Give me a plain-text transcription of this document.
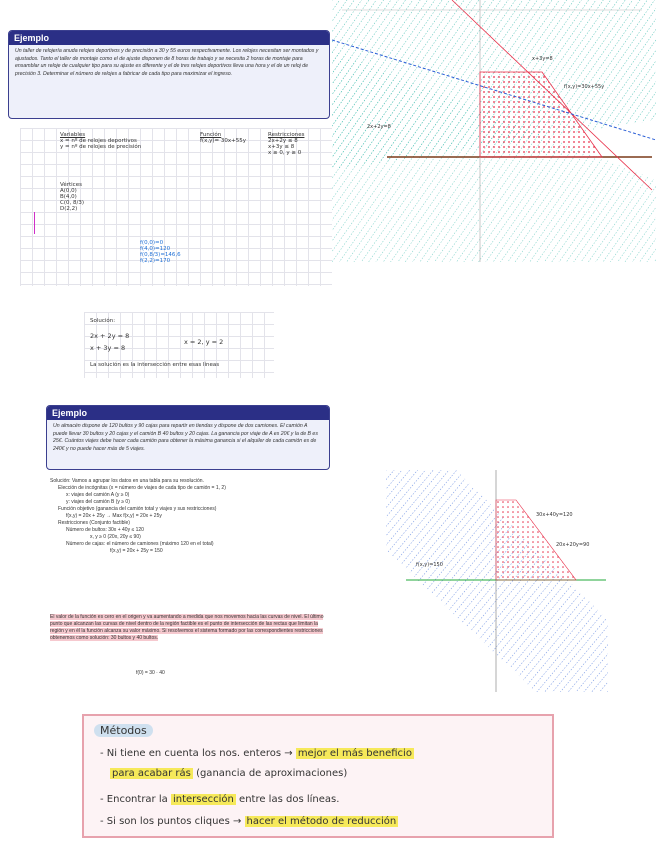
Ejemplo
Un taller de relojería anuda relojes deportivos y de precisión a 30 y 55 euros respectivamente. Los relojes necesitan ser montados y ajustados. Tanto el taller de montaje como el de ajuste disponen de 8 horas de trabajo y se necesita 2 horas de montaje para ensamblar un reloje de cualquier tipo para su ajuste es diferente y el de tres relojes deportivos lleva una hora y el de un reloj de precisión 3. Determinar el número de relojes a fabricar de cada tipo para maximizar el ingreso.
Variables
x = nº de relojes deportivos
y = nº de relojes de precisión
Función
f(x,y)= 30x+55y
Restricciones
2x+2y ≤ 8
x+3y ≤ 8
x ≥ 0, y ≥ 0
Vértices
A(0,0)
B(4,0)
C(0, 8/3)
D(2,2)
f(0,0)=0
f(4,0)=120
f(0,8/3)=146,6
f(2,2)=170
x+3y=8
2x+2y=8
f(x,y)=30x+55y
Solución:
2x + 2y = 8
x + 3y = 8
x = 2, y = 2
La solución es la intersección entre esas líneas
Ejemplo
Un almacén dispone de 120 bultos y 90 cajas para repartir en tiendas y dispone de dos camiones. El camión A puede llevar 30 bultos y 20 cajas y el camión B 40 bultos y 20 cajas. La ganancia por viaje de A es 20€ y la de B es 25€. Cuántos viajes debe hacer cada camión para obtener la máxima ganancia si el alquiler de cada camión es de 240€ y no puede hacer más de 5 viajes.
Solución: Vamos a agrupar los datos en una tabla para su resolución.
Elección de incógnitas (x = número de viajes de cada tipo de camión = 1, 2)
x: viajes del camión A (y ≥ 0)
y: viajes del camión B (y ≥ 0)
Función objetivo (ganancia del camión total y viajes y sus restricciones)
f(x,y) = 20x + 25y → Max f(x,y) = 20x + 25y
Restricciones (Conjunto factible)
Número de bultos: 30x + 40y ≤ 120
x, y ≥ 0 (20x, 20y ≤ 90)
Número de cajas: el número de camiones (máximo 120 en el total)
f(x,y) = 20x + 25y = 150
El valor de la función es cero en el origen y va aumentando a medida que nos movemos hacia las curvas de nivel. El último punto que alcanzan las curvas de nivel dentro de la región factible es el punto de intersección de las rectas que limitan la región y en él la función alcanza su valor máximo. Si resolvemos el sistema formado por las correspondientes restricciones obtenemos como solución: 30 bultos y 40 bultos.
f(0) = 30 · 40
30x+40y=120
20x+20y=90
f(x,y)=150
Métodos
- Ni tiene en cuenta los nos. enteros → mejor el más beneficio
para acabar rás (ganancia de aproximaciones)
- Encontrar la intersección entre las dos líneas.
- Si son los puntos cliques → hacer el método de reducción
